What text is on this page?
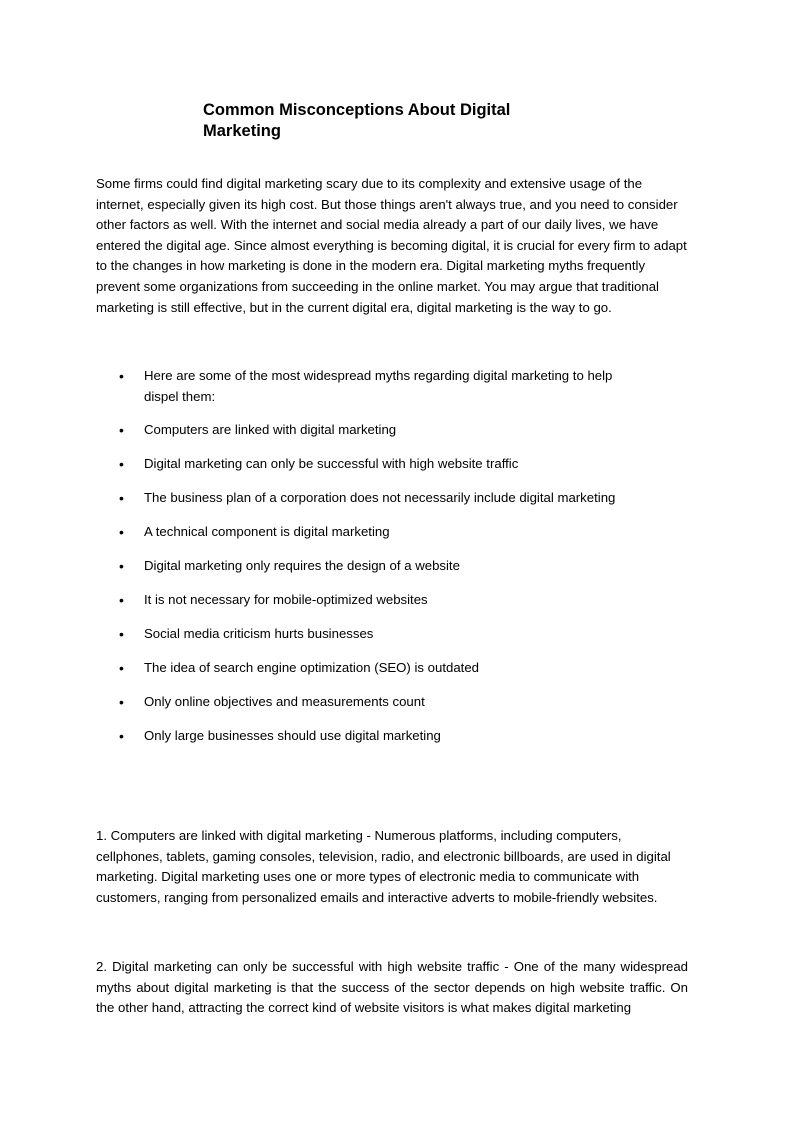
Common Misconceptions About Digital Marketing

Some firms could find digital marketing scary due to its complexity and extensive usage of the internet, especially given its high cost. But those things aren't always true, and you need to consider other factors as well. With the internet and social media already a part of our daily lives, we have entered the digital age. Since almost everything is becoming digital, it is crucial for every firm to adapt to the changes in how marketing is done in the modern era. Digital marketing myths frequently prevent some organizations from succeeding in the online market. You may argue that traditional marketing is still effective, but in the current digital era, digital marketing is the way to go.

• Here are some of the most widespread myths regarding digital marketing to help dispel them:
• Computers are linked with digital marketing
• Digital marketing can only be successful with high website traffic
• The business plan of a corporation does not necessarily include digital marketing
• A technical component is digital marketing
• Digital marketing only requires the design of a website
• It is not necessary for mobile-optimized websites
• Social media criticism hurts businesses
• The idea of search engine optimization (SEO) is outdated
• Only online objectives and measurements count
• Only large businesses should use digital marketing

1. Computers are linked with digital marketing - Numerous platforms, including computers, cellphones, tablets, gaming consoles, television, radio, and electronic billboards, are used in digital marketing. Digital marketing uses one or more types of electronic media to communicate with customers, ranging from personalized emails and interactive adverts to mobile-friendly websites.

2. Digital marketing can only be successful with high website traffic - One of the many widespread myths about digital marketing is that the success of the sector depends on high website traffic. On the other hand, attracting the correct kind of website visitors is what makes digital marketing
